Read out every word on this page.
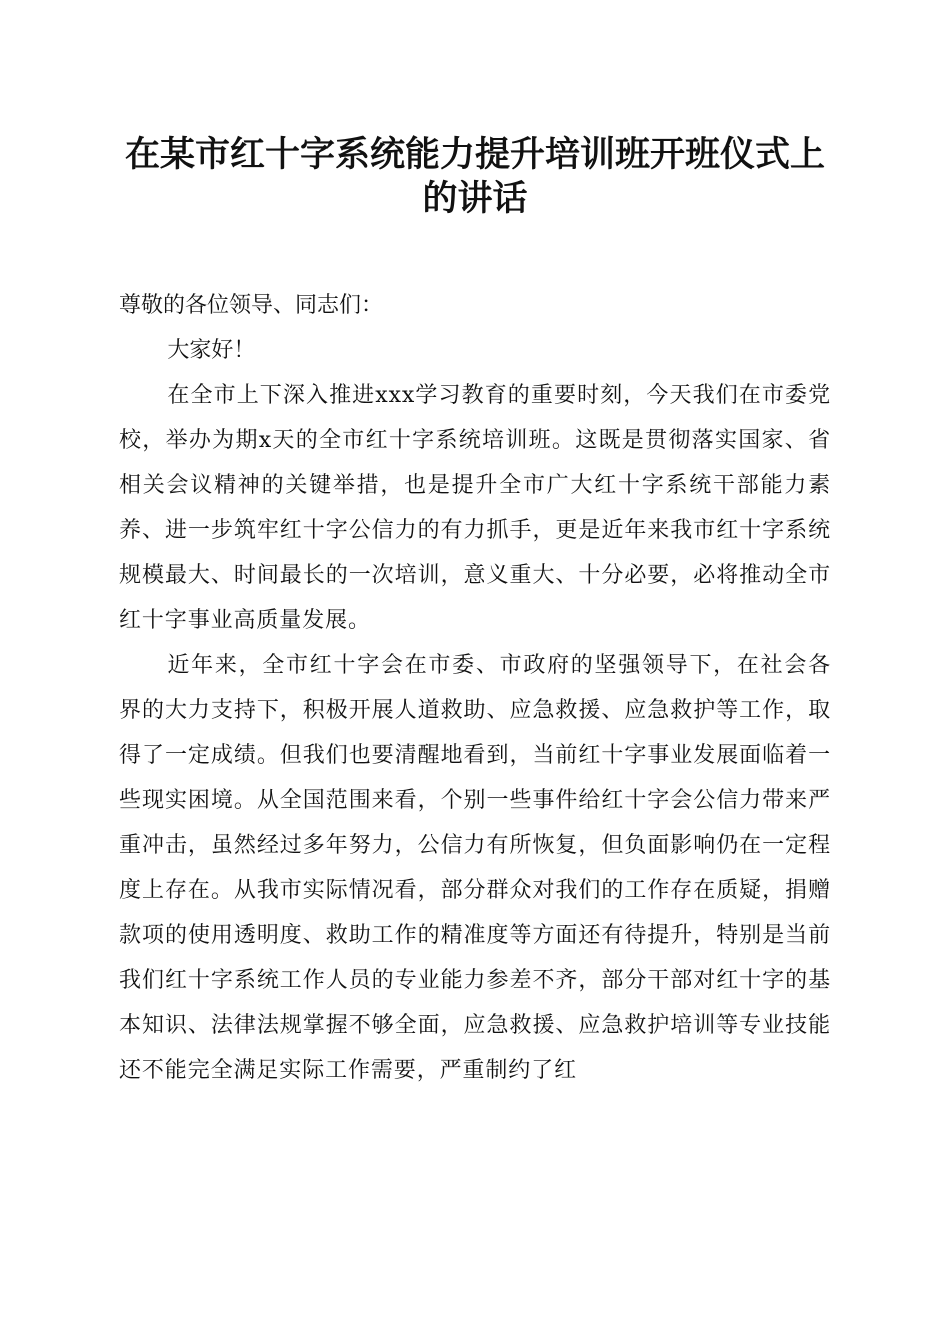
在某市红十字系统能力提升培训班开班仪式上的讲话

尊敬的各位领导、同志们：

大家好！

在全市上下深入推进xxx学习教育的重要时刻，今天我们在市委党校，举办为期x天的全市红十字系统培训班。这既是贯彻落实国家、省相关会议精神的关键举措，也是提升全市广大红十字系统干部能力素养、进一步筑牢红十字公信力的有力抓手，更是近年来我市红十字系统规模最大、时间最长的一次培训，意义重大、十分必要，必将推动全市红十字事业高质量发展。

近年来，全市红十字会在市委、市政府的坚强领导下，在社会各界的大力支持下，积极开展人道救助、应急救援、应急救护等工作，取得了一定成绩。但我们也要清醒地看到，当前红十字事业发展面临着一些现实困境。从全国范围来看，个别一些事件给红十字会公信力带来严重冲击，虽然经过多年努力，公信力有所恢复，但负面影响仍在一定程度上存在。从我市实际情况看，部分群众对我们的工作存在质疑，捐赠款项的使用透明度、救助工作的精准度等方面还有待提升，特别是当前我们红十字系统工作人员的专业能力参差不齐，部分干部对红十字的基本知识、法律法规掌握不够全面，应急救援、应急救护培训等专业技能还不能完全满足实际工作需要，严重制约了红
